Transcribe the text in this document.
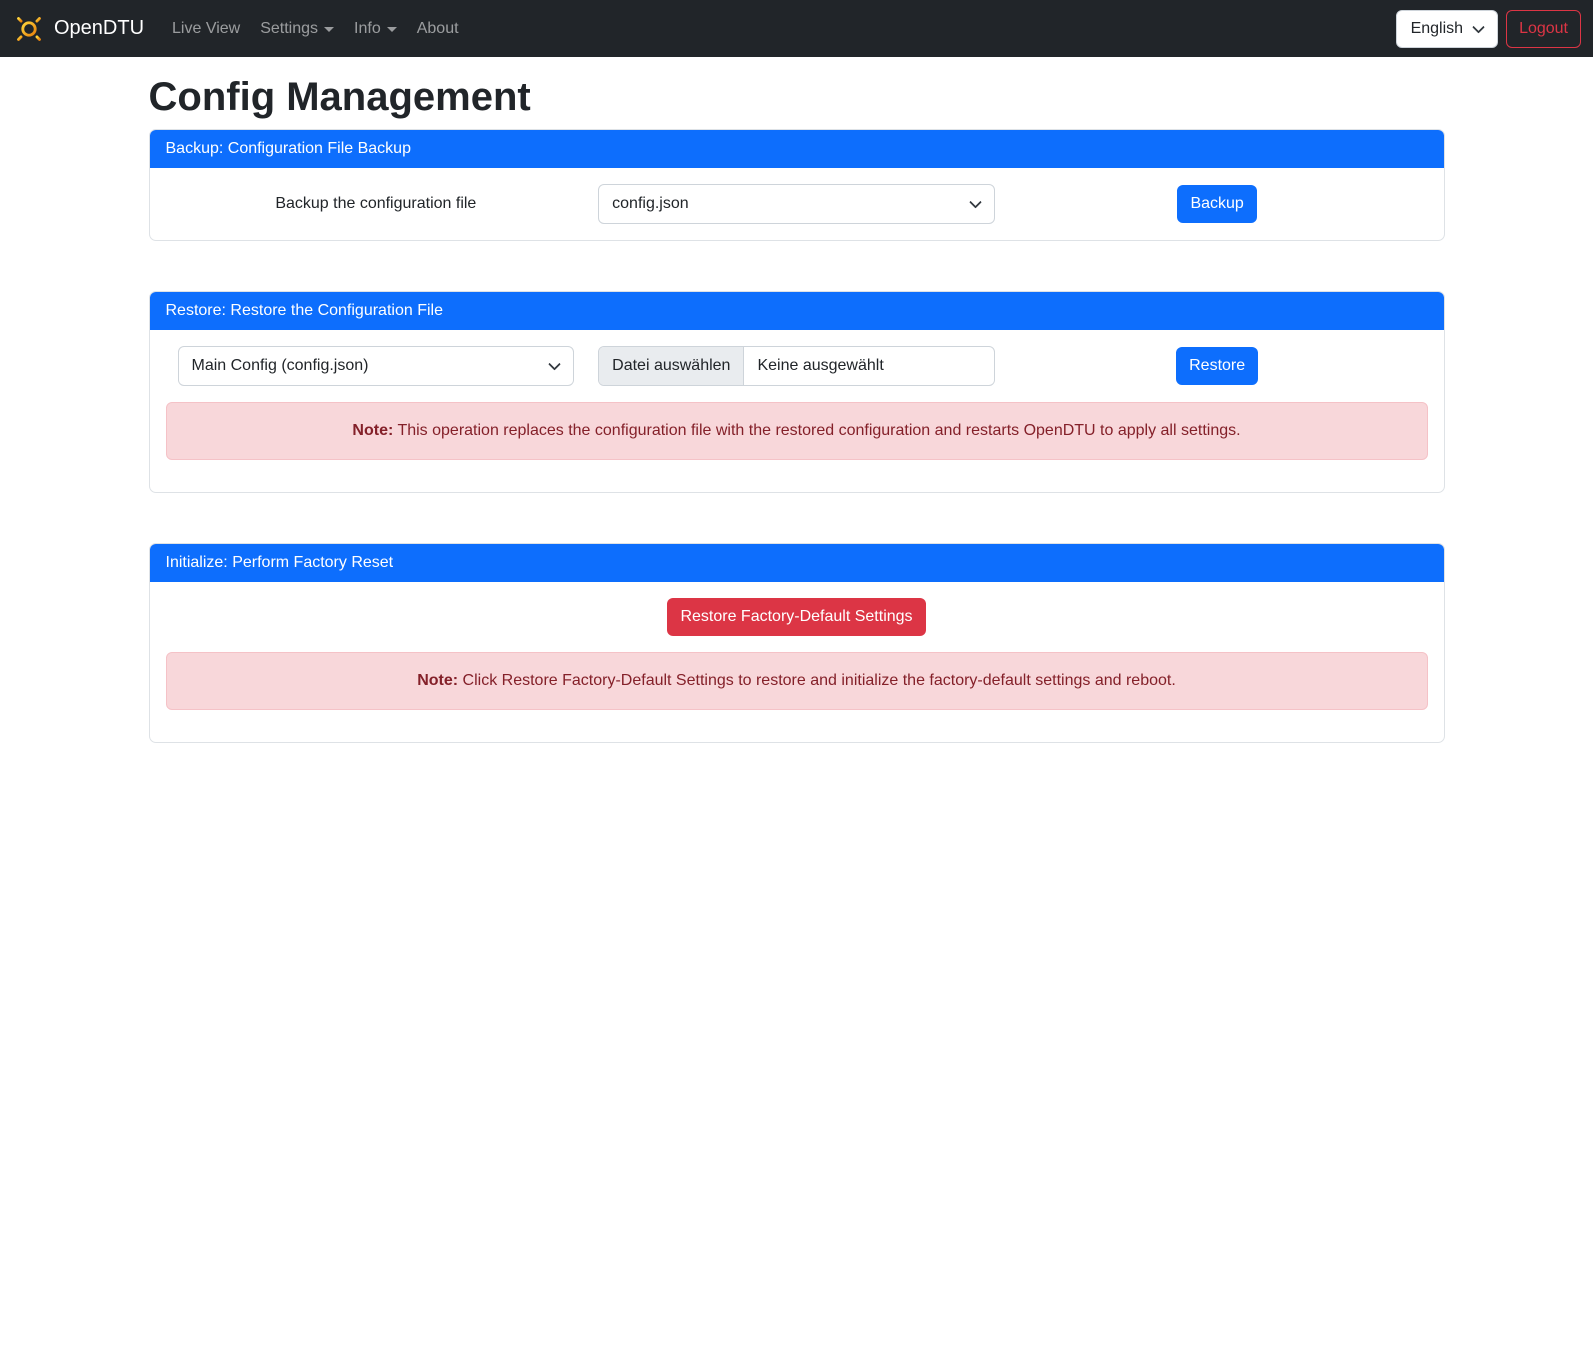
OpenDTU Live View Settings Info About	English	Logout
Config Management
Backup: Configuration File Backup
Backup the configuration file	config.json	Backup
Restore: Restore the Configuration File
Main Config (config.json)	Datei auswählen	Keine ausgewählt	Restore
Note: This operation replaces the configuration file with the restored configuration and restarts OpenDTU to apply all settings.
Initialize: Perform Factory Reset
Restore Factory-Default Settings
Note: Click Restore Factory-Default Settings to restore and initialize the factory-default settings and reboot.
